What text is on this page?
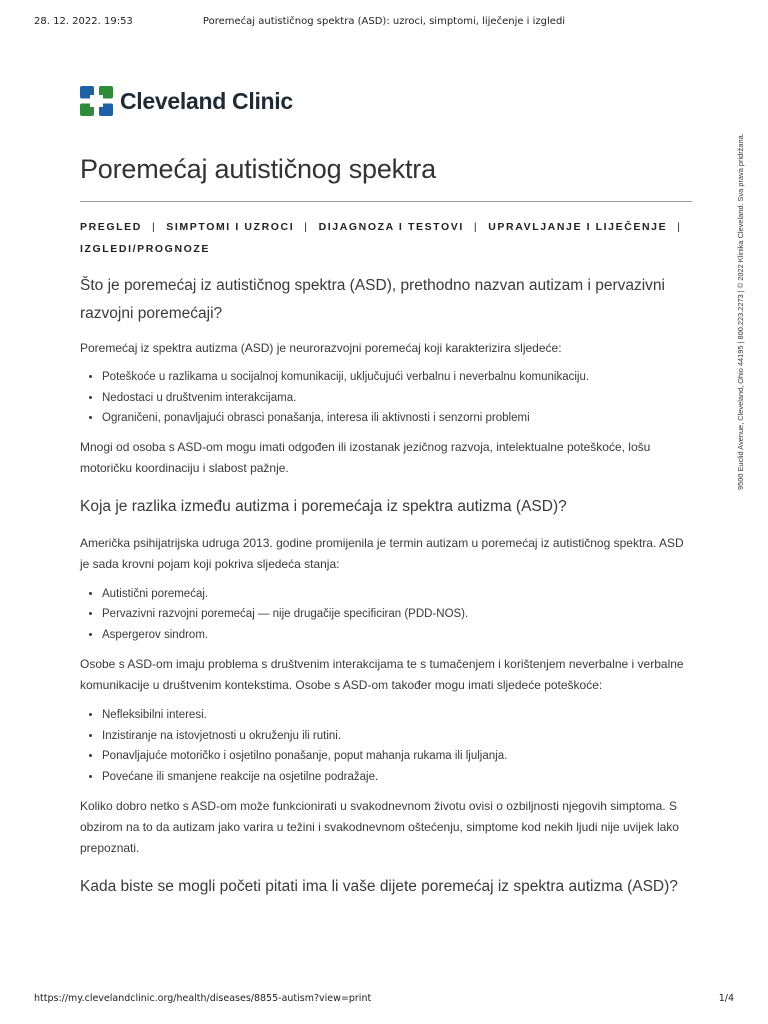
28. 12. 2022. 19:53	Poremećaj autističnog spektra (ASD): uzroci, simptomi, liječenje i izgledi
Cleveland Clinic
9500 Euclid Avenue, Cleveland, Ohio 44195 | 800.223.2273 | © 2022 Klinika Cleveland. Sva prava pridržana.
Poremećaj autističnog spektra
PREGLED | SIMPTOMI I UZROCI | DIJAGNOZA I TESTOVI | UPRAVLJANJE I LIJEČENJE |
IZGLEDI/PROGNOZE
Što je poremećaj iz autističnog spektra (ASD), prethodno nazvan autizam i pervazivni razvojni poremećaji?

Poremećaj iz spektra autizma (ASD) je neurorazvojni poremećaj koji karakterizira sljedeće:

• Poteškoće u razlikama u socijalnoj komunikaciji, uključujući verbalnu i neverbalnu komunikaciju.
• Nedostaci u društvenim interakcijama.
• Ograničeni, ponavljajući obrasci ponašanja, interesa ili aktivnosti i senzorni problemi

Mnogi od osoba s ASD-om mogu imati odgođen ili izostanak jezičnog razvoja, intelektualne poteškoće, lošu motoričku koordinaciju i slabost pažnje.

Koja je razlika između autizma i poremećaja iz spektra autizma (ASD)?

Američka psihijatrijska udruga 2013. godine promijenila je termin autizam u poremećaj iz autističnog spektra. ASD je sada krovni pojam koji pokriva sljedeća stanja:

• Autistični poremećaj.
• Pervazivni razvojni poremećaj — nije drugačije specificiran (PDD-NOS).
• Aspergerov sindrom.

Osobe s ASD-om imaju problema s društvenim interakcijama te s tumačenjem i korištenjem neverbalne i verbalne komunikacije u društvenim kontekstima. Osobe s ASD-om također mogu imati sljedeće poteškoće:

• Nefleksibilni interesi.
• Inzistiranje na istovjetnosti u okruženju ili rutini.
• Ponavljajuće motoričko i osjetilno ponašanje, poput mahanja rukama ili ljuljanja.
• Povećane ili smanjene reakcije na osjetilne podražaje.

Koliko dobro netko s ASD-om može funkcionirati u svakodnevnom životu ovisi o ozbiljnosti njegovih simptoma. S obzirom na to da autizam jako varira u težini i svakodnevnom oštećenju, simptome kod nekih ljudi nije uvijek lako prepoznati.

Kada biste se mogli početi pitati ima li vaše dijete poremećaj iz spektra autizma (ASD)?
https://my.clevelandclinic.org/health/diseases/8855-autism?view=print	1/4
